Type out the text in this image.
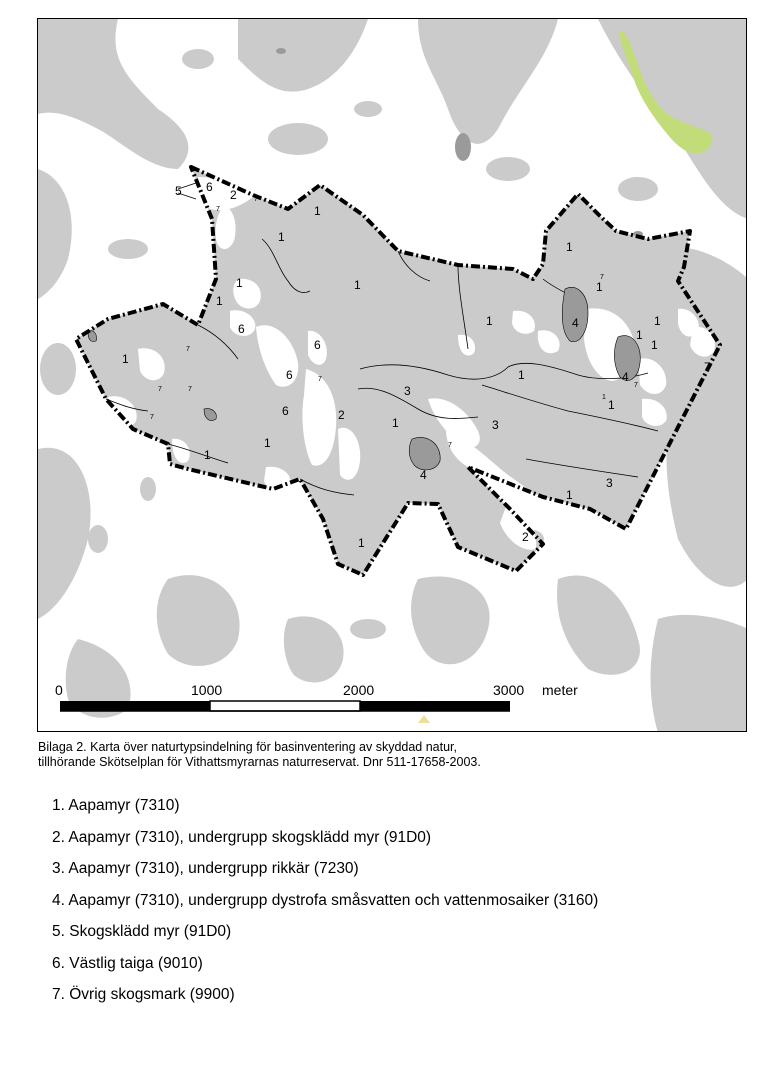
5 6
2
7
7
1
1
1
1
6
7
1
7
6
6
7
6
1
1
3
1
1
1
4
1
7
1
1
3
1
3
1
4
1
1
4
7
7
2
1
1
2
7
7
7
1
0	1000	2000	3000 meter
Bilaga 2. Karta över naturtypsindelning för basinventering av skyddad natur,
tillhörande Skötselplan för Vithattsmyrarnas naturreservat. Dnr 511-17658-2003.
1. Aapamyr (7310)
2. Aapamyr (7310), undergrupp skogsklädd myr (91D0)
3. Aapamyr (7310), undergrupp rikkär (7230)
4. Aapamyr (7310), undergrupp dystrofa småsvatten och vattenmosaiker (3160)
5. Skogsklädd myr (91D0)
6. Västlig taiga (9010)
7. Övrig skogsmark (9900)
